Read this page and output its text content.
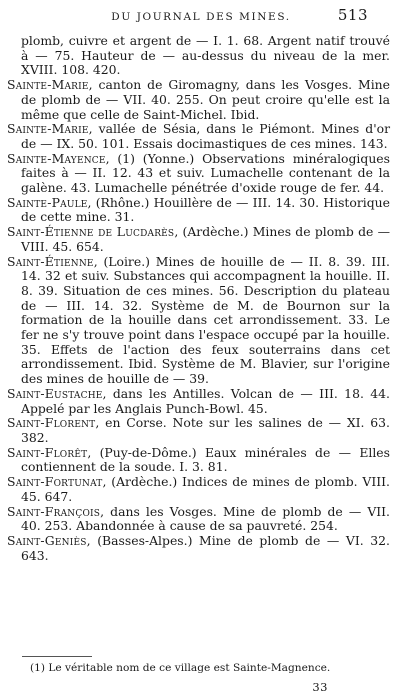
DU JOURNAL DES MINES.	513

plomb, cuivre et argent de — I. 1. 68. Argent natif trouvé à — 75. Hauteur de — au-dessus du niveau de la mer. XVIII. 108. 420.

Sainte-Marie, canton de Giromagny, dans les Vosges. Mine de plomb de — VII. 40. 255. On peut croire qu'elle est la même que celle de Saint-Michel. Ibid.

Sainte-Marie, vallée de Sésia, dans le Piémont. Mines d'or de — IX. 50. 101. Essais docimastiques de ces mines. 143.

Sainte-Mayence, (1) (Yonne.) Observations minéralogiques faites à — II. 12. 43 et suiv. Lumachelle contenant de la galène. 43. Lumachelle pénétrée d'oxide rouge de fer. 44.

Sainte-Paule, (Rhône.) Houillère de — III. 14. 30. Historique de cette mine. 31.

Saint-Étienne de Lucdarès, (Ardèche.) Mines de plomb de — VIII. 45. 654.

Saint-Étienne, (Loire.) Mines de houille de — II. 8. 39. III. 14. 32 et suiv. Substances qui accompagnent la houille. II. 8. 39. Situation de ces mines. 56. Description du plateau de — III. 14. 32. Système de M. de Bournon sur la formation de la houille dans cet arrondissement. 33. Le fer ne s'y trouve point dans l'espace occupé par la houille. 35. Effets de l'action des feux souterrains dans cet arrondissement. Ibid. Système de M. Blavier, sur l'origine des mines de houille de — 39.

Saint-Eustache, dans les Antilles. Volcan de — III. 18. 44. Appelé par les Anglais Punch-Bowl. 45.

Saint-Florent, en Corse. Note sur les salines de — XI. 63. 382.

Saint-Florêt, (Puy-de-Dôme.) Eaux minérales de — Elles contiennent de la soude. I. 3. 81.

Saint-Fortunat, (Ardèche.) Indices de mines de plomb. VIII. 45. 647.

Saint-François, dans les Vosges. Mine de plomb de — VII. 40. 253. Abandonnée à cause de sa pauvreté. 254.

Saint-Geniès, (Basses-Alpes.) Mine de plomb de — VI. 32. 643.

(1) Le véritable nom de ce village est Sainte-Magnence.
33
